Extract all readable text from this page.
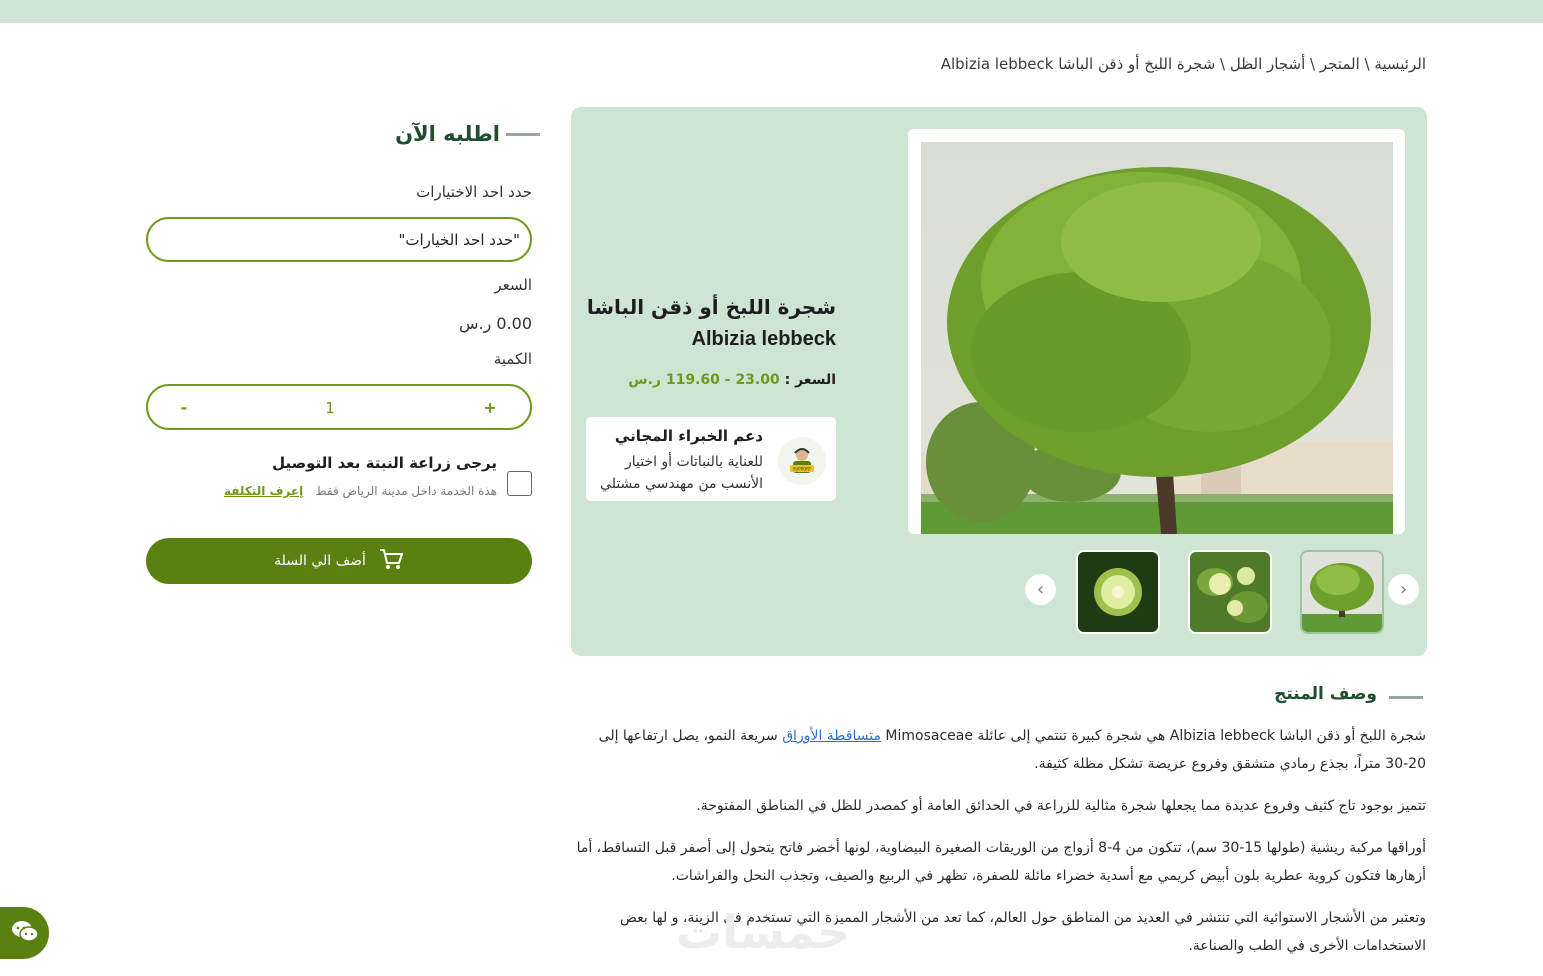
الرئيسية \ المتجر \ أشجار الظل \ شجرة اللبخ أو ذقن الباشا Albizia lebbeck
›
‹
شجرة اللبخ أو ذقن الباشا
Albizia lebbeck
السعر : 23.00 - 119.60 ر.س
SUPPORT
دعم الخبراء المجاني
للعناية بالنباتات أو اختيار الأنسب من مهندسي مشتلي
اطلبه الآن
حدد احد الاختيارات
"حدد احد الخيارات"
السعر
0.00 ر.س
الكمية
+
1
-
يرجى زراعة النبتة بعد التوصيل
هذة الخدمة داخل مدينة الرياض فقط
إعرف التكلفة
أضف الي السلة
وصف المنتج

شجرة اللبخ أو ذقن الباشا Albizia lebbeck هي شجرة كبيرة تنتمي إلى عائلة Mimosaceae متساقطة الأوراق سريعة النمو، يصل ارتفاعها إلى 20-30 متراً، بجذع رمادي متشقق وفروع عريضة تشكل مظلة كثيفة.

تتميز بوجود تاج كثيف وفروع عديدة مما يجعلها شجرة مثالية للزراعة في الحدائق العامة أو كمصدر للظل في المناطق المفتوحة.

أوراقها مركبة ريشية (طولها 15-30 سم)، تتكون من 4-8 أزواج من الوريقات الصغيرة البيضاوية، لونها أخضر فاتح يتحول إلى أصفر قبل التساقط، أما أزهارها فتكون كروية عطرية بلون أبيض كريمي مع أسدية خضراء مائلة للصفرة، تظهر في الربيع والصيف، وتجذب النحل والفراشات.

وتعتبر من الأشجار الاستوائية التي تنتشر في العديد من المناطق حول العالم، كما تعد من الأشجار المميزة التي تستخدم في الزينة، و لها بعض الاستخدامات الأخرى في الطب والصناعة.

خمسات
